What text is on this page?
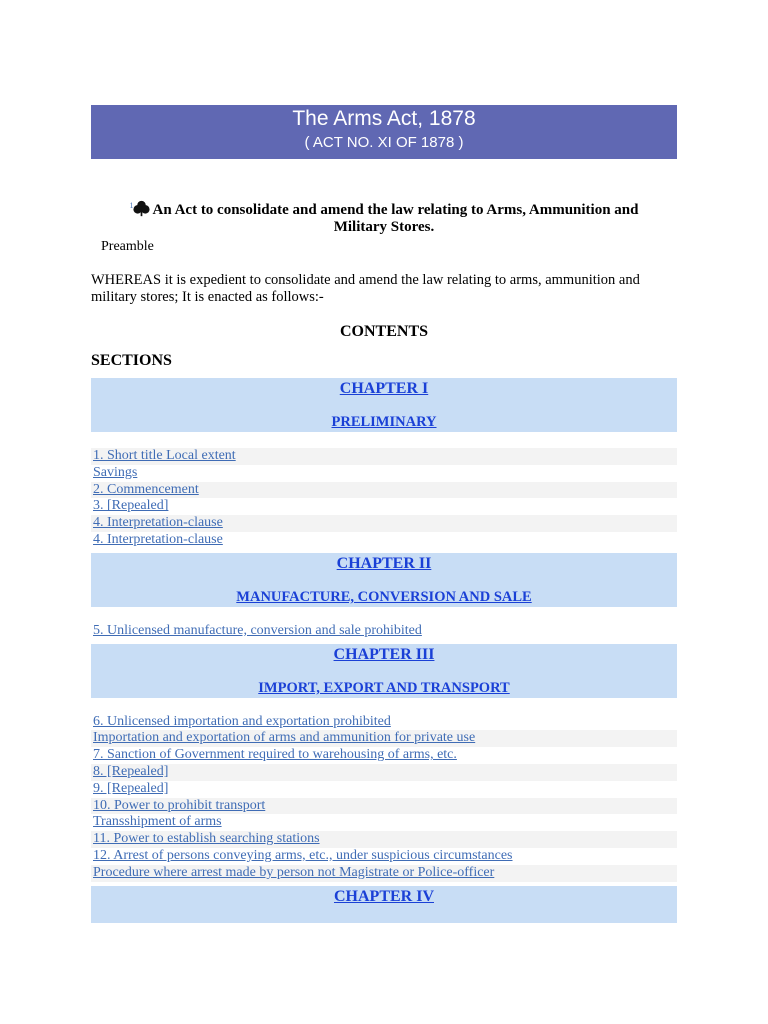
The Arms Act, 1878
( ACT NO. XI OF 1878 )
$^1$ An Act to consolidate and amend the law relating to Arms, Ammunition and Military Stores.
Preamble
WHEREAS it is expedient to consolidate and amend the law relating to arms, ammunition and military stores; It is enacted as follows:-
CONTENTS
SECTIONS
CHAPTER I
PRELIMINARY
1. Short title Local extent
Savings
2. Commencement
3. [Repealed]
4. Interpretation-clause
4. Interpretation-clause
CHAPTER II
MANUFACTURE, CONVERSION AND SALE
5. Unlicensed manufacture, conversion and sale prohibited
CHAPTER III
IMPORT, EXPORT AND TRANSPORT
6. Unlicensed importation and exportation prohibited
Importation and exportation of arms and ammunition for private use
7. Sanction of Government required to warehousing of arms, etc.
8. [Repealed]
9. [Repealed]
10. Power to prohibit transport
Transshipment of arms
11. Power to establish searching stations
12. Arrest of persons conveying arms, etc., under suspicious circumstances
Procedure where arrest made by person not Magistrate or Police-officer
CHAPTER IV
